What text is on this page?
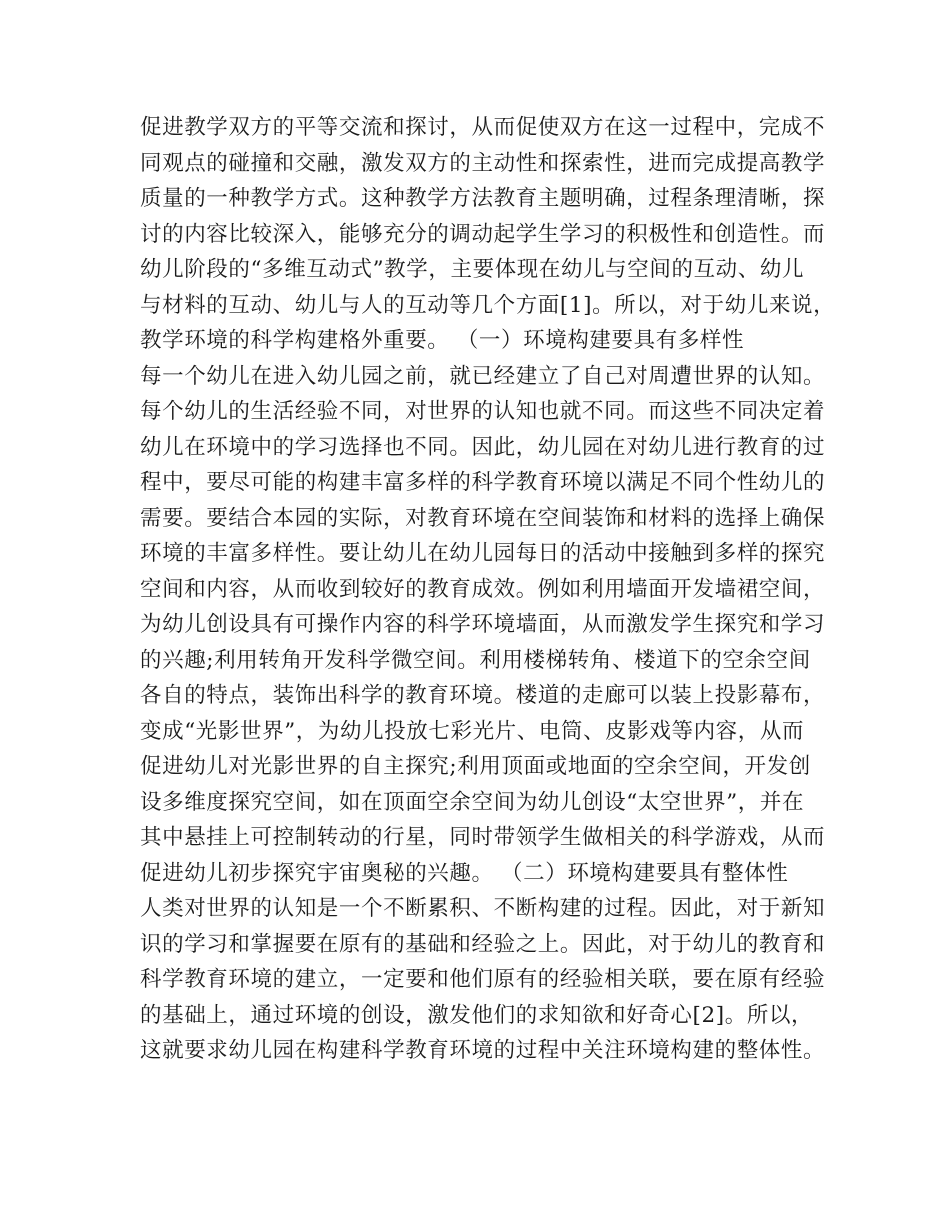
促进教学双方的平等交流和探讨，从而促使双方在这一过程中，完成不
同观点的碰撞和交融，激发双方的主动性和探索性，进而完成提高教学
质量的一种教学方式。这种教学方法教育主题明确，过程条理清晰，探
讨的内容比较深入，能够充分的调动起学生学习的积极性和创造性。而
幼儿阶段的“多维互动式”教学，主要体现在幼儿与空间的互动、幼儿
与材料的互动、幼儿与人的互动等几个方面[1]。所以，对于幼儿来说，
教学环境的科学构建格外重要。 （一）环境构建要具有多样性
每一个幼儿在进入幼儿园之前，就已经建立了自己对周遭世界的认知。
每个幼儿的生活经验不同，对世界的认知也就不同。而这些不同决定着
幼儿在环境中的学习选择也不同。因此，幼儿园在对幼儿进行教育的过
程中，要尽可能的构建丰富多样的科学教育环境以满足不同个性幼儿的
需要。要结合本园的实际，对教育环境在空间装饰和材料的选择上确保
环境的丰富多样性。要让幼儿在幼儿园每日的活动中接触到多样的探究
空间和内容，从而收到较好的教育成效。例如利用墙面开发墙裙空间，
为幼儿创设具有可操作内容的科学环境墙面，从而激发学生探究和学习
的兴趣;利用转角开发科学微空间。利用楼梯转角、楼道下的空余空间
各自的特点，装饰出科学的教育环境。楼道的走廊可以装上投影幕布，
变成“光影世界”，为幼儿投放七彩光片、电筒、皮影戏等内容，从而
促进幼儿对光影世界的自主探究;利用顶面或地面的空余空间，开发创
设多维度探究空间，如在顶面空余空间为幼儿创设“太空世界”，并在
其中悬挂上可控制转动的行星，同时带领学生做相关的科学游戏，从而
促进幼儿初步探究宇宙奥秘的兴趣。 （二）环境构建要具有整体性
人类对世界的认知是一个不断累积、不断构建的过程。因此，对于新知
识的学习和掌握要在原有的基础和经验之上。因此，对于幼儿的教育和
科学教育环境的建立，一定要和他们原有的经验相关联，要在原有经验
的基础上，通过环境的创设，激发他们的求知欲和好奇心[2]。所以，
这就要求幼儿园在构建科学教育环境的过程中关注环境构建的整体性。
